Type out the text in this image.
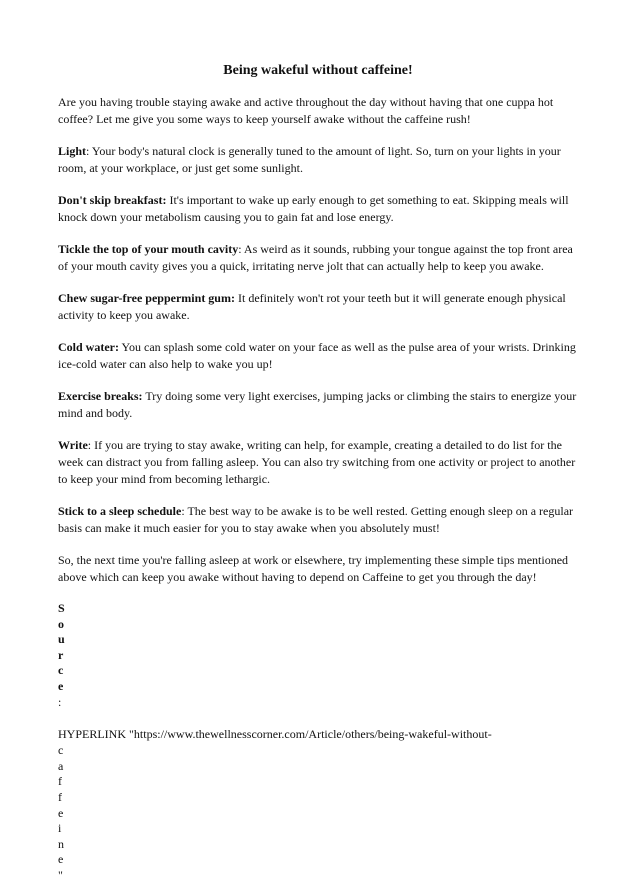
Being wakeful without caffeine!

Are you having trouble staying awake and active throughout the day without having that one cuppa hot coffee? Let me give you some ways to keep yourself awake without the caffeine rush!

Light: Your body's natural clock is generally tuned to the amount of light. So, turn on your lights in your room, at your workplace, or just get some sunlight.

Don't skip breakfast: It's important to wake up early enough to get something to eat. Skipping meals will knock down your metabolism causing you to gain fat and lose energy.

Tickle the top of your mouth cavity: As weird as it sounds, rubbing your tongue against the top front area of your mouth cavity gives you a quick, irritating nerve jolt that can actually help to keep you awake.

Chew sugar-free peppermint gum: It definitely won't rot your teeth but it will generate enough physical activity to keep you awake.

Cold water: You can splash some cold water on your face as well as the pulse area of your wrists. Drinking ice-cold water can also help to wake you up!

Exercise breaks: Try doing some very light exercises, jumping jacks or climbing the stairs to energize your mind and body.

Write: If you are trying to stay awake, writing can help, for example, creating a detailed to do list for the week can distract you from falling asleep. You can also try switching from one activity or project to another to keep your mind from becoming lethargic.

Stick to a sleep schedule: The best way to be awake is to be well rested. Getting enough sleep on a regular basis can make it much easier for you to stay awake when you absolutely must!

So, the next time you're falling asleep at work or elsewhere, try implementing these simple tips mentioned above which can keep you awake without having to depend on Caffeine to get you through the day!

S
o
u
r
c
e
:
HYPERLINK "https://www.thewellnesscorner.com/Article/others/being-wakeful-without-
c
a
f
f
e
i
n
e
"
